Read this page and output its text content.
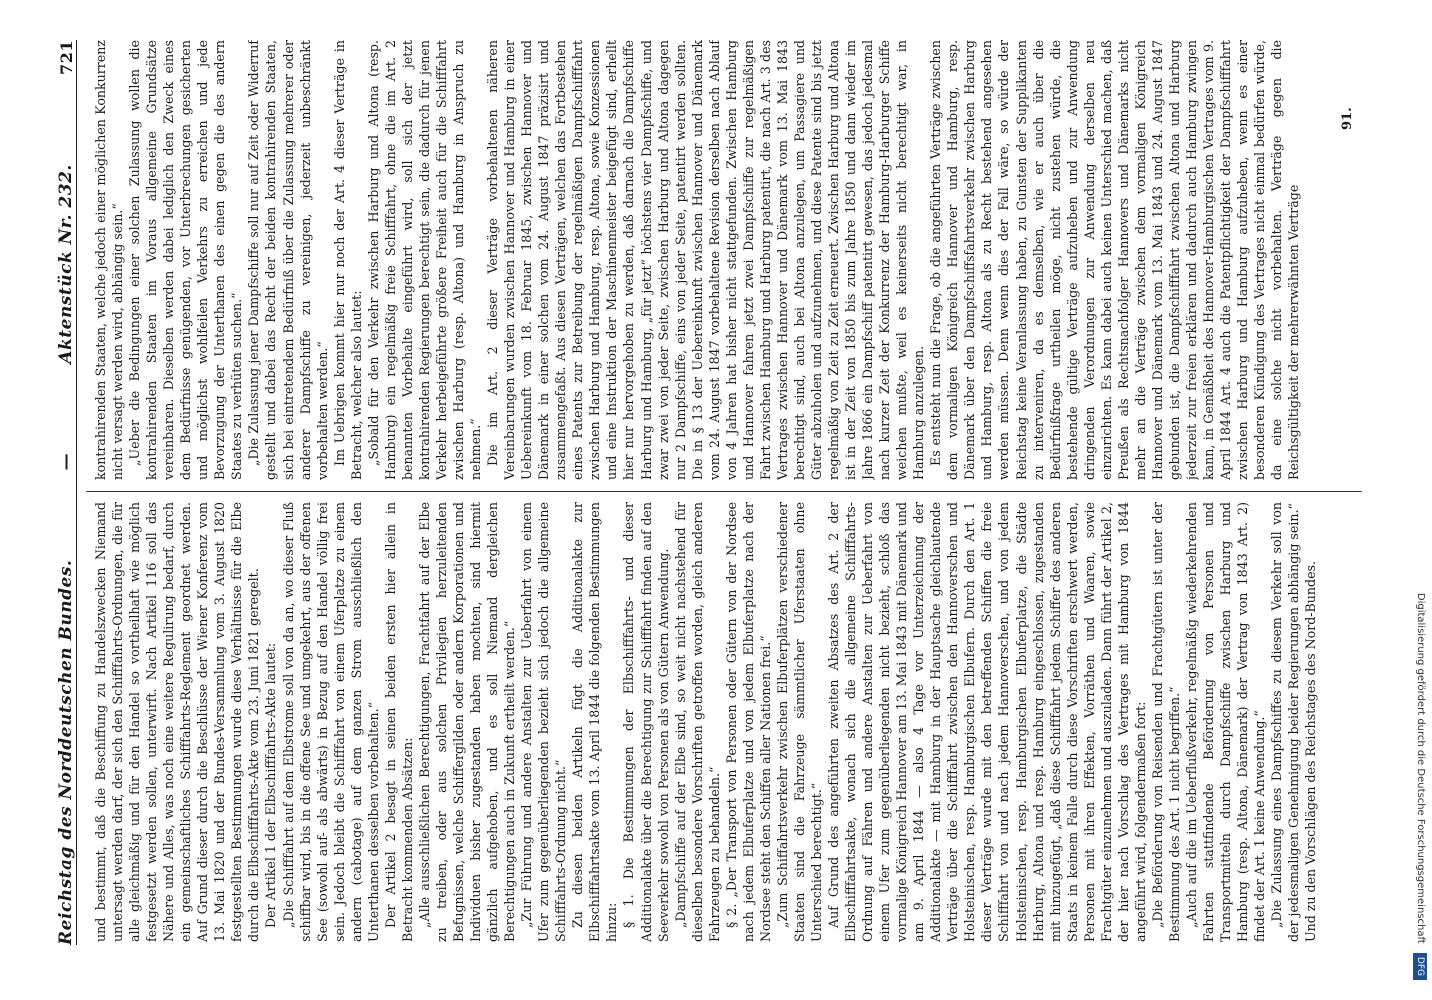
Reichstag des Norddeutschen Bundes.
—
Aktenstück Nr. 232.
721

und bestimmt, daß die Beschiffung zu Handelszwecken Niemand untersagt werden darf, der sich den Schifffahrts-Ordnungen, die für alle gleichmäßig und für den Handel so vortheilhaft wie möglich festgesetzt werden sollen, unterwirft. Nach Artikel 116 soll das Nähere und Alles, was noch eine weitere Regulirung bedarf, durch ein gemeinschaftliches Schifffahrts-Reglement geordnet werden. Auf Grund dieser durch die Beschlüsse der Wiener Konferenz vom 13. Mai 1820 und der Bundes-Versammlung vom 3. August 1820 festgestellten Bestimmungen wurde diese Verhältnisse für die Elbe durch die Elbschifffahrts-Akte vom 23. Juni 1821 geregelt. Der Artikel 1 der Elbschifffahrts-Akte lautet: „Die Schifffahrt auf dem Elbstrome soll von da an, wo dieser Fluß schiffbar wird, bis in die offene See und umgekehrt, aus der offenen See (sowohl auf- als abwärts) in Bezug auf den Handel völlig frei sein. Jedoch bleibt die Schifffahrt von einem Uferplatze zu einem andern (cabotage) auf dem ganzen Strom ausschließlich den Unterthanen desselben vorbehalten.“ Der Artikel 2 besagt in seinen beiden ersten hier allein in Betracht kommenden Absätzen: „Alle ausschließlichen Berechtigungen, Frachtfahrt auf der Elbe zu treiben, oder aus solchen Privilegien herzuleitenden Befugnissen, welche Schiffergilden oder andern Korporationen und Individuen bisher zugestanden haben mochten, sind hiermit gänzlich aufgehoben, und es soll Niemand dergleichen Berechtigungen auch in Zukunft ertheilt werden.“ „Zur Führung und andere Anstalten zur Ueberfahrt von einem Ufer zum gegenüberliegenden bezieht sich jedoch die allgemeine Schifffahrts-Ordnung nicht.“ Zu diesen beiden Artikeln fügt die Additionalakte zur Elbschifffahrtsakte vom 13. April 1844 die folgenden Bestimmungen hinzu: § 1. Die Bestimmungen der Elbschifffahrts- und dieser Additionalakte über die Berechtigung zur Schifffahrt finden auf den Seeverkehr sowohl von Personen als von Gütern Anwendung. „Dampfschiffe auf der Elbe sind, so weit nicht nachstehend für dieselben besondere Vorschriften getroffen worden, gleich anderen Fahrzeugen zu behandeln.“ § 2. „Der Transport von Personen oder Gütern von der Nordsee nach jedem Elbuferplatze und von jedem Elbuferplatze nach der Nordsee steht den Schiffen aller Nationen frei.“ „Zum Schiffahrtsverkehr zwischen Elbuferplätzen verschiedener Staaten sind die Fahrzeuge sämmtlicher Uferstaaten ohne Unterschied berechtigt.“ Auf Grund des angeführten zweiten Absatzes des Art. 2 der Elbschifffahrtsakte, wonach sich die allgemeine Schifffahrts-Ordnung auf Fähren und andere Anstalten zur Ueberfahrt von einem Ufer zum gegenüberliegenden nicht bezieht, schloß das vormalige Königreich Hannover am 13. Mai 1843 mit Dänemark und am 9. April 1844 — also 4 Tage vor Unterzeichnung der Additionalakte — mit Hamburg in der Hauptsache gleichlautende Verträge über die Schifffahrt zwischen den Hannoverschen und Holsteinischen, resp. Hamburgischen Elbufern. Durch den Art. 1 dieser Verträge wurde mit den betreffenden Schiffen die freie Schifffahrt von und nach jedem Hannoverschen, und von jedem Holsteinischen, resp. Hamburgischen Elbuferplatze, die Städte Harburg, Altona und resp. Hamburg eingeschlossen, zugestanden mit hinzugefügt, „daß diese Schifffahrt jedem Schiffer des anderen Staats in keinem Falle durch diese Vorschriften erschwert werden, Personen mit ihren Effekten, Vorräthen und Waaren, sowie Frachtgüter einzunehmen und auszuladen. Dann führt der Artikel 2, der hier nach Vorschlag des Vertrages mit Hamburg von 1844 angeführt wird, folgendermaßen fort: „Die Beförderung von Reisenden und Frachtgütern ist unter der Bestimmung des Art. 1 nicht begriffen.“ „Auch auf die im Ueberflußverkehr, regelmäßig wiederkehrenden Fahrten stattfindende Beförderung von Personen und Transportmitteln durch Dampfschiffe zwischen Harburg und Hamburg (resp. Altona, Dänemark) der Vertrag von 1843 Art. 2) findet der Art. 1 keine Anwendung.“ „Die Zulassung eines Dampfschiffes zu diesem Verkehr soll von der jedesmaligen Genehmigung beider Regierungen abhängig sein.“ Und zu den Vorschlägen des Reichstages des Nord-Bundes.

kontrahirenden Staaten, welche jedoch einer möglichen Konkurrenz nicht versagt werden wird, abhängig sein.“ „Ueber die Bedingungen einer solchen Zulassung wollen die kontrahirenden Staaten im Voraus allgemeine Grundsätze vereinbaren. Dieselben werden dabei lediglich den Zweck eines dem Bedürfnisse genügenden, vor Unterbrechungen gesicherten und möglichst wohlfeilen Verkehrs zu erreichen und jede Bevorzugung der Unterthanen des einen gegen die des andern Staates zu verhüten suchen.“ „Die Zulassung jener Dampfschiffe soll nur auf Zeit oder Widerruf gestellt und dabei das Recht der beiden kontrahirenden Staaten, sich bei eintretendem Bedürfniß über die Zulassung mehrerer oder anderer Dampfschiffe zu vereinigen, jederzeit unbeschränkt vorbehalten werden.“ Im Uebrigen kommt hier nur noch der Art. 4 dieser Verträge in Betracht, welcher also lautet: „Sobald für den Verkehr zwischen Harburg und Altona (resp. Hamburg) ein regelmäßig freie Schifffahrt, ohne die im Art. 2 benannten Vorbehalte eingeführt wird, soll sich der jetzt kontrahirenden Regierungen berechtigt sein, die dadurch für jenen Verkehr herbeigeführte größere Freiheit auch für die Schifffahrt zwischen Harburg (resp. Altona) und Hamburg in Anspruch zu nehmen.“ Die im Art. 2 dieser Verträge vorbehaltenen näheren Vereinbarungen wurden zwischen Hannover und Hamburg in einer Uebereinkunft vom 18. Februar 1845, zwischen Hannover und Dänemark in einer solchen vom 24. August 1847 präzisirt und zusammengefaßt. Aus diesen Verträgen, welchen das Fortbestehen eines Patents zur Betreibung der regelmäßigen Dampfschifffahrt zwischen Harburg und Hamburg, resp. Altona, sowie Konzessionen und eine Instruktion der Maschinenmeister beigefügt sind, erhellt hier nur hervorgehoben zu werden, daß darnach die Dampfschiffe Harburg und Hamburg, „für jetzt“ höchstens vier Dampfschiffe, und zwar zwei von jeder Seite, zwischen Harburg und Altona dagegen nur 2 Dampfschiffe, eins von jeder Seite, patentirt werden sollten. Die in § 13 der Uebereinkunft zwischen Hannover und Dänemark vom 24. August 1847 vorbehaltene Revision derselben nach Ablauf von 4 Jahren hat bisher nicht stattgefunden. Zwischen Hamburg und Hannover fahren jetzt zwei Dampfschiffe zur regelmäßigen Fahrt zwischen Hamburg und Harburg patentirt, die nach Art. 3 des Vertrages zwischen Hannover und Dänemark vom 13. Mai 1843 berechtigt sind, auch bei Altona anzulegen, um Passagiere und Güter abzuholen und aufzunehmen, und diese Patente sind bis jetzt regelmäßig von Zeit zu Zeit erneuert. Zwischen Harburg und Altona ist in der Zeit von 1850 bis zum Jahre 1850 und dann wieder im Jahre 1866 ein Dampfschiff patentirt gewesen, das jedoch jedesmal nach kurzer Zeit der Konkurrenz der Hamburg-Harburger Schiffe weichen mußte, weil es keinerseits nicht berechtigt war, in Hamburg anzulegen. Es entsteht nun die Frage, ob die angeführten Verträge zwischen dem vormaligen Königreich Hannover und Hamburg, resp. Dänemark über den Dampfschiffsfahrtsverkehr zwischen Harburg und Hamburg, resp. Altona als zu Recht bestehend angesehen werden müssen. Denn wenn dies der Fall wäre, so würde der Reichstag keine Veranlassung haben, zu Gunsten der Supplikanten zu interveniren, da es demselben, wie er auch über die Bedürfnißfrage urtheilen möge, nicht zustehen würde, die bestehende gültige Verträge aufzuheben und zur Anwendung dringenden Verordnungen zur Anwendung derselben neu einzurichten. Es kann dabei auch keinen Unterschied machen, daß Preußen als Rechtsnachfolger Hannovers und Dänemarks nicht mehr an die Verträge zwischen dem vormaligen Königreich Hannover und Dänemark vom 13. Mai 1843 und 24. August 1847 gebunden ist, die Dampfschifffahrt zwischen Altona und Harburg jederzeit zur freien erklären und dadurch auch Hamburg zwingen kann, in Gemäßheit des Hannover-Hamburgischen Vertrages vom 9. April 1844 Art. 4 auch die Patentpflichtigkeit der Dampfschifffahrt zwischen Harburg und Hamburg aufzuheben, wenn es einer besonderen Kündigung des Vertrages nicht einmal bedürfen würde, da eine solche nicht vorbehalten. Verträge gegen die Reichsgültigkeit der mehrerwähnten Verträge

91.
Digitalisierung gefördert durch die Deutsche Forschungsgemeinschaft DFG
